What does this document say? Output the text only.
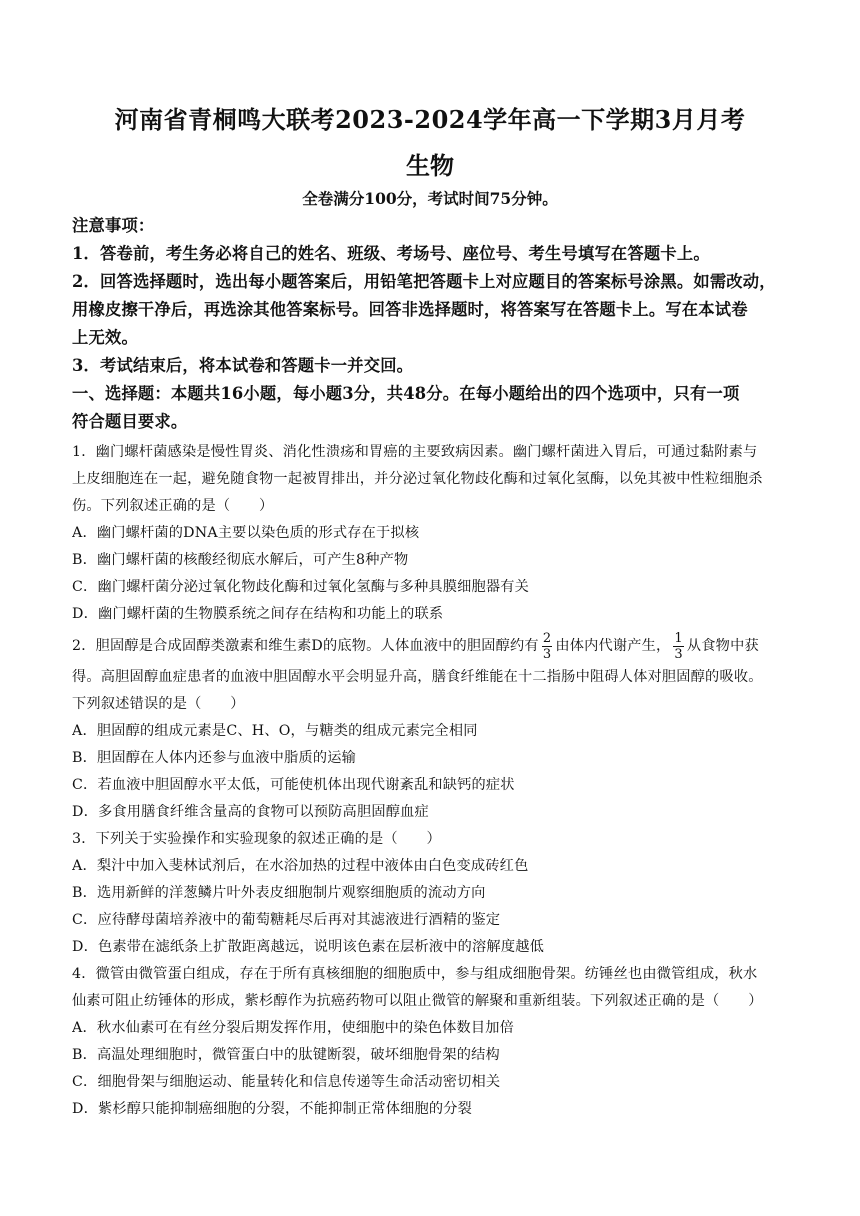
河南省青桐鸣大联考2023-2024学年高一下学期3月月考
生物
全卷满分100分，考试时间75分钟。
注意事项：
1．答卷前，考生务必将自己的姓名、班级、考场号、座位号、考生号填写在答题卡上。
2．回答选择题时，选出每小题答案后，用铅笔把答题卡上对应题目的答案标号涂黑。如需改动，
用橡皮擦干净后，再选涂其他答案标号。回答非选择题时，将答案写在答题卡上。写在本试卷
上无效。
3．考试结束后，将本试卷和答题卡一并交回。
一、选择题：本题共16小题，每小题3分，共48分。在每小题给出的四个选项中，只有一项
符合题目要求。
1．幽门螺杆菌感染是慢性胃炎、消化性溃疡和胃癌的主要致病因素。幽门螺杆菌进入胃后，可通过黏附素与
上皮细胞连在一起，避免随食物一起被胃排出，并分泌过氧化物歧化酶和过氧化氢酶，以免其被中性粒细胞杀
伤。下列叙述正确的是（　　）
A．幽门螺杆菌的DNA主要以染色质的形式存在于拟核
B．幽门螺杆菌的核酸经彻底水解后，可产生8种产物
C．幽门螺杆菌分泌过氧化物歧化酶和过氧化氢酶与多种具膜细胞器有关
D．幽门螺杆菌的生物膜系统之间存在结构和功能上的联系
2．胆固醇是合成固醇类激素和维生素D的底物。人体血液中的胆固醇约有 $\frac{2}{3}$ 由体内代谢产生， $\frac{1}{3}$ 从食物中获
得。高胆固醇血症患者的血液中胆固醇水平会明显升高，膳食纤维能在十二指肠中阻碍人体对胆固醇的吸收。
下列叙述错误的是（　　）
A．胆固醇的组成元素是C、H、O，与糖类的组成元素完全相同
B．胆固醇在人体内还参与血液中脂质的运输
C．若血液中胆固醇水平太低，可能使机体出现代谢紊乱和缺钙的症状
D．多食用膳食纤维含量高的食物可以预防高胆固醇血症
3．下列关于实验操作和实验现象的叙述正确的是（　　）
A．梨汁中加入斐林试剂后，在水浴加热的过程中液体由白色变成砖红色
B．选用新鲜的洋葱鳞片叶外表皮细胞制片观察细胞质的流动方向
C．应待酵母菌培养液中的葡萄糖耗尽后再对其滤液进行酒精的鉴定
D．色素带在滤纸条上扩散距离越远，说明该色素在层析液中的溶解度越低
4．微管由微管蛋白组成，存在于所有真核细胞的细胞质中，参与组成细胞骨架。纺锤丝也由微管组成，秋水
仙素可阻止纺锤体的形成，紫杉醇作为抗癌药物可以阻止微管的解聚和重新组装。下列叙述正确的是（　　）
A．秋水仙素可在有丝分裂后期发挥作用，使细胞中的染色体数目加倍
B．高温处理细胞时，微管蛋白中的肽键断裂，破坏细胞骨架的结构
C．细胞骨架与细胞运动、能量转化和信息传递等生命活动密切相关
D．紫杉醇只能抑制癌细胞的分裂，不能抑制正常体细胞的分裂
